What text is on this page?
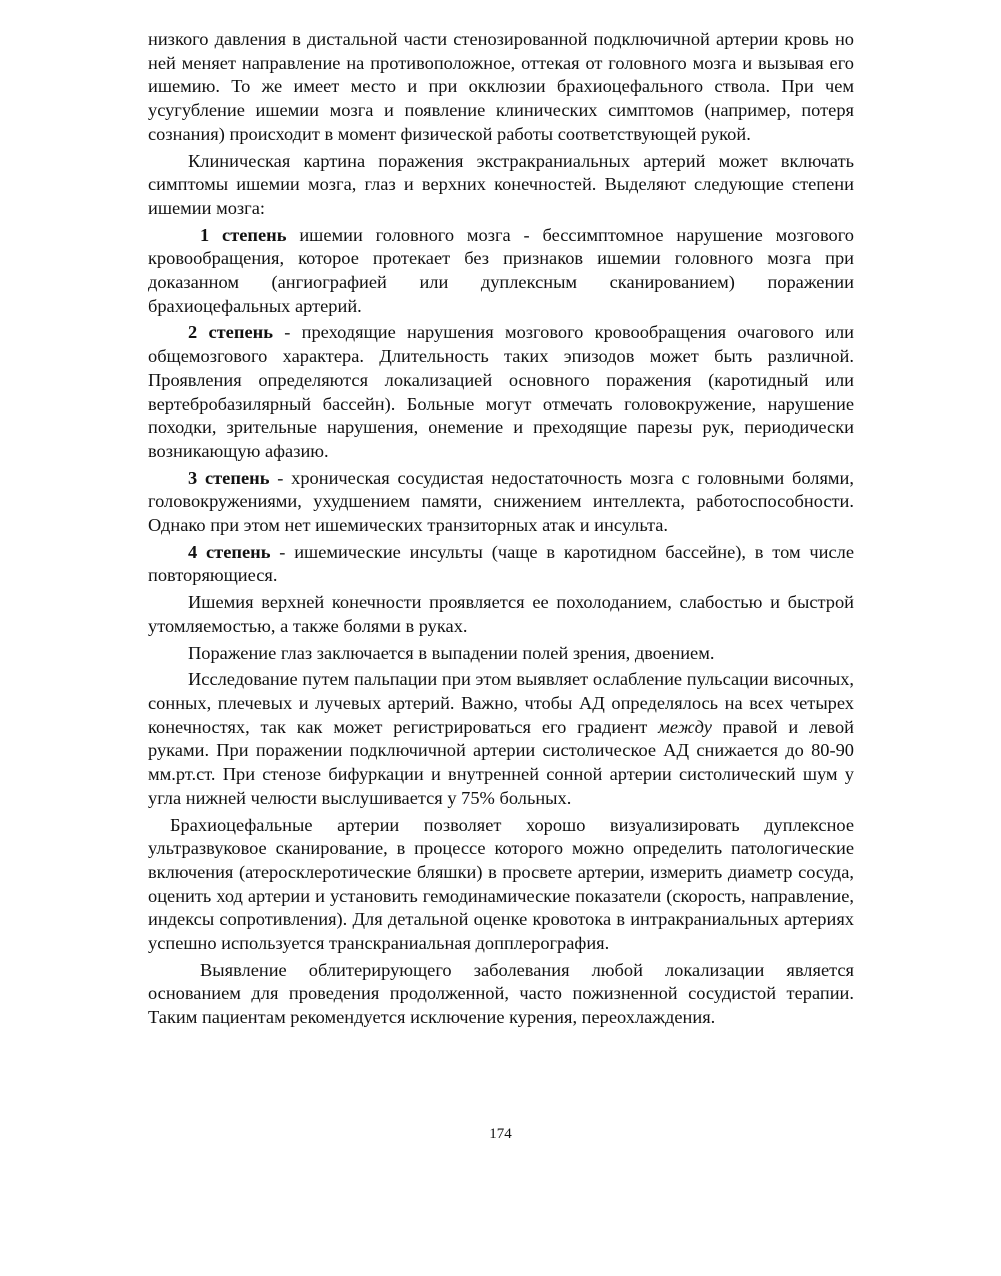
низкого давления в дистальной части стенозированной подключичной артерии кровь но ней меняет направление на противоположное, оттекая от головного мозга и вызывая его ишемию. То же имеет место и при окклюзии брахиоцефального ствола. При чем усугубление ишемии мозга и появление клинических симптомов (например, потеря сознания) происходит в момент физической работы соответствующей рукой.

Клиническая картина поражения экстракраниальных артерий может включать симптомы ишемии мозга, глаз и верхних конечностей. Выделяют следующие степени ишемии мозга:

1 степень ишемии головного мозга - бессимптомное нарушение мозгового кровообращения, которое протекает без признаков ишемии головного мозга при доказанном (ангиографией или дуплексным сканированием) поражении брахиоцефальных артерий.

2 степень - преходящие нарушения мозгового кровообращения очагового или общемозгового характера. Длительность таких эпизодов может быть различной. Проявления определяются локализацией основного поражения (каротидный или вертебробазилярный бассейн). Больные могут отмечать головокружение, нарушение походки, зрительные нарушения, онемение и преходящие парезы рук, периодически возникающую афазию.

3 степень - хроническая сосудистая недостаточность мозга с головными болями, головокружениями, ухудшением памяти, снижением интеллекта, работоспособности. Однако при этом нет ишемических транзиторных атак и инсульта.

4 степень - ишемические инсульты (чаще в каротидном бассейне), в том числе повторяющиеся.

Ишемия верхней конечности проявляется ее похолоданием, слабостью и быстрой утомляемостью, а также болями в руках.

Поражение глаз заключается в выпадении полей зрения, двоением.

Исследование путем пальпации при этом выявляет ослабление пульсации височных, сонных, плечевых и лучевых артерий. Важно, чтобы АД определялось на всех четырех конечностях, так как может регистрироваться его градиент между правой и левой руками. При поражении подключичной артерии систолическое АД снижается до 80-90 мм.рт.ст. При стенозе бифуркации и внутренней сонной артерии систолический шум у угла нижней челюсти выслушивается у 75% больных.

Брахиоцефальные артерии позволяет хорошо визуализировать дуплексное ультразвуковое сканирование, в процессе которого можно определить патологические включения (атеросклеротические бляшки) в просвете артерии, измерить диаметр сосуда, оценить ход артерии и установить гемодинамические показатели (скорость, направление, индексы сопротивления). Для детальной оценке кровотока в интракраниальных артериях успешно используется транскраниальная допплерография.

Выявление облитерирующего заболевания любой локализации является основанием для проведения продолженной, часто пожизненной сосудистой терапии. Таким пациентам рекомендуется исключение курения, переохлаждения.

174
